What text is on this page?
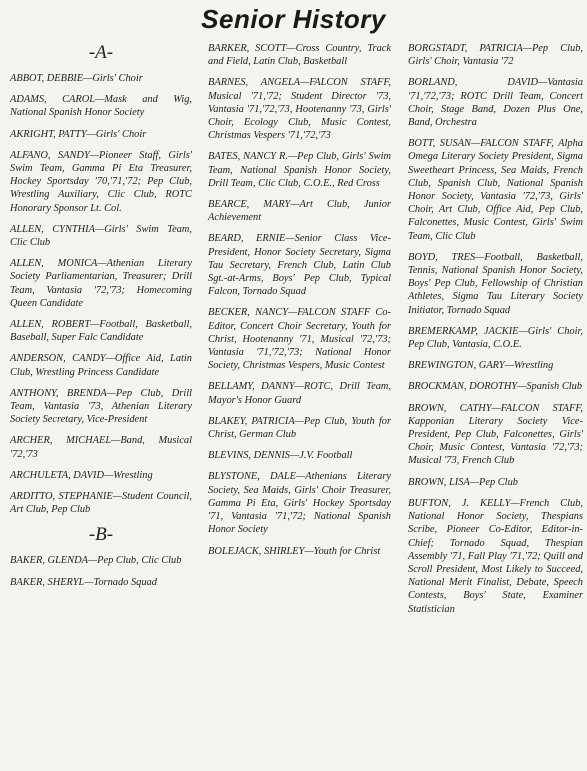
Senior History
-A-
ABBOT, DEBBIE—Girls' Choir
ADAMS, CAROL—Mask and Wig, National Spanish Honor Society
AKRIGHT, PATTY—Girls' Choir
ALFANO, SANDY—Pioneer Staff, Girls' Swim Team, Gamma Pi Eta Treasurer, Hockey Sportsday '70,'71,'72; Pep Club, Wrestling Auxiliary, Clic Club, ROTC Honorary Sponsor Lt. Col.
ALLEN, CYNTHIA—Girls' Swim Team, Clic Club
ALLEN, MONICA—Athenian Literary Society Parliamentarian, Treasurer; Drill Team, Vantasia '72,'73; Homecoming Queen Candidate
ALLEN, ROBERT—Football, Basketball, Baseball, Super Falc Candidate
ANDERSON, CANDY—Office Aid, Latin Club, Wrestling Princess Candidate
ANTHONY, BRENDA—Pep Club, Drill Team, Vantasia '73, Athenian Literary Society Secretary, Vice-President
ARCHER, MICHAEL—Band, Musical '72,'73
ARCHULETA, DAVID—Wrestling
ARDITTO, STEPHANIE—Student Council, Art Club, Pep Club
-B-
BAKER, GLENDA—Pep Club, Clic Club
BAKER, SHERYL—Tornado Squad
BARKER, SCOTT—Cross Country, Track and Field, Latin Club, Basketball
BARNES, ANGELA—FALCON STAFF, Musical '71,'72; Student Director '73, Vantasia '71,'72,'73, Hootenanny '73, Girls' Choir, Ecology Club, Music Contest, Christmas Vespers '71,'72,'73
BATES, NANCY R.—Pep Club, Girls' Swim Team, National Spanish Honor Society, Drill Team, Clic Club, C.O.E., Red Cross
BEARCE, MARY—Art Club, Junior Achievement
BEARD, ERNIE—Senior Class Vice-President, Honor Society Secretary, Sigma Tau Secretary, French Club, Latin Club Sgt.-at-Arms, Boys' Pep Club, Typical Falcon, Tornado Squad
BECKER, NANCY—FALCON STAFF Co-Editor, Concert Choir Secretary, Youth for Christ, Hootenanny '71, Musical '72,'73; Vantasia '71,'72,'73; National Honor Society, Christmas Vespers, Music Contest
BELLAMY, DANNY—ROTC, Drill Team, Mayor's Honor Guard
BLAKEY, PATRICIA—Pep Club, Youth for Christ, German Club
BLEVINS, DENNIS—J.V. Football
BLYSTONE, DALE—Athenians Literary Society, Sea Maids, Girls' Choir Treasurer, Gamma Pi Eta, Girls' Hockey Sportsday '71, Vantasia '71,'72; National Spanish Honor Society
BOLEJACK, SHIRLEY—Youth for Christ
BORGSTADT, PATRICIA—Pep Club, Girls' Choir, Vantasia '72
BORLAND, DAVID—Vantasia '71,'72,'73; ROTC Drill Team, Concert Choir, Stage Band, Dozen Plus One, Band, Orchestra
BOTT, SUSAN—FALCON STAFF, Alpha Omega Literary Society President, Sigma Sweetheart Princess, Sea Maids, French Club, Spanish Club, National Spanish Honor Society, Vantasia '72,'73, Girls' Choir, Art Club, Office Aid, Pep Club, Falconettes, Music Contest, Girls' Swim Team, Clic Club
BOYD, TRES—Football, Basketball, Tennis, National Spanish Honor Society, Boys' Pep Club, Fellowship of Christian Athletes, Sigma Tau Literary Society Initiator, Tornado Squad
BREMERKAMP, JACKIE—Girls' Choir, Pep Club, Vantasia, C.O.E.
BREWINGTON, GARY—Wrestling
BROCKMAN, DOROTHY—Spanish Club
BROWN, CATHY—FALCON STAFF, Kapponian Literary Society Vice-President, Pep Club, Falconettes, Girls' Choir, Music Contest, Vantasia '72,'73; Musical '73, French Club
BROWN, LISA—Pep Club
BUFTON, J. KELLY—French Club, National Honor Society, Thespians Scribe, Pioneer Co-Editor, Editor-in-Chief; Tornado Squad, Thespian Assembly '71, Fall Play '71,'72; Quill and Scroll President, Most Likely to Succeed, National Merit Finalist, Debate, Speech Contests, Boys' State, Examiner Statistician
